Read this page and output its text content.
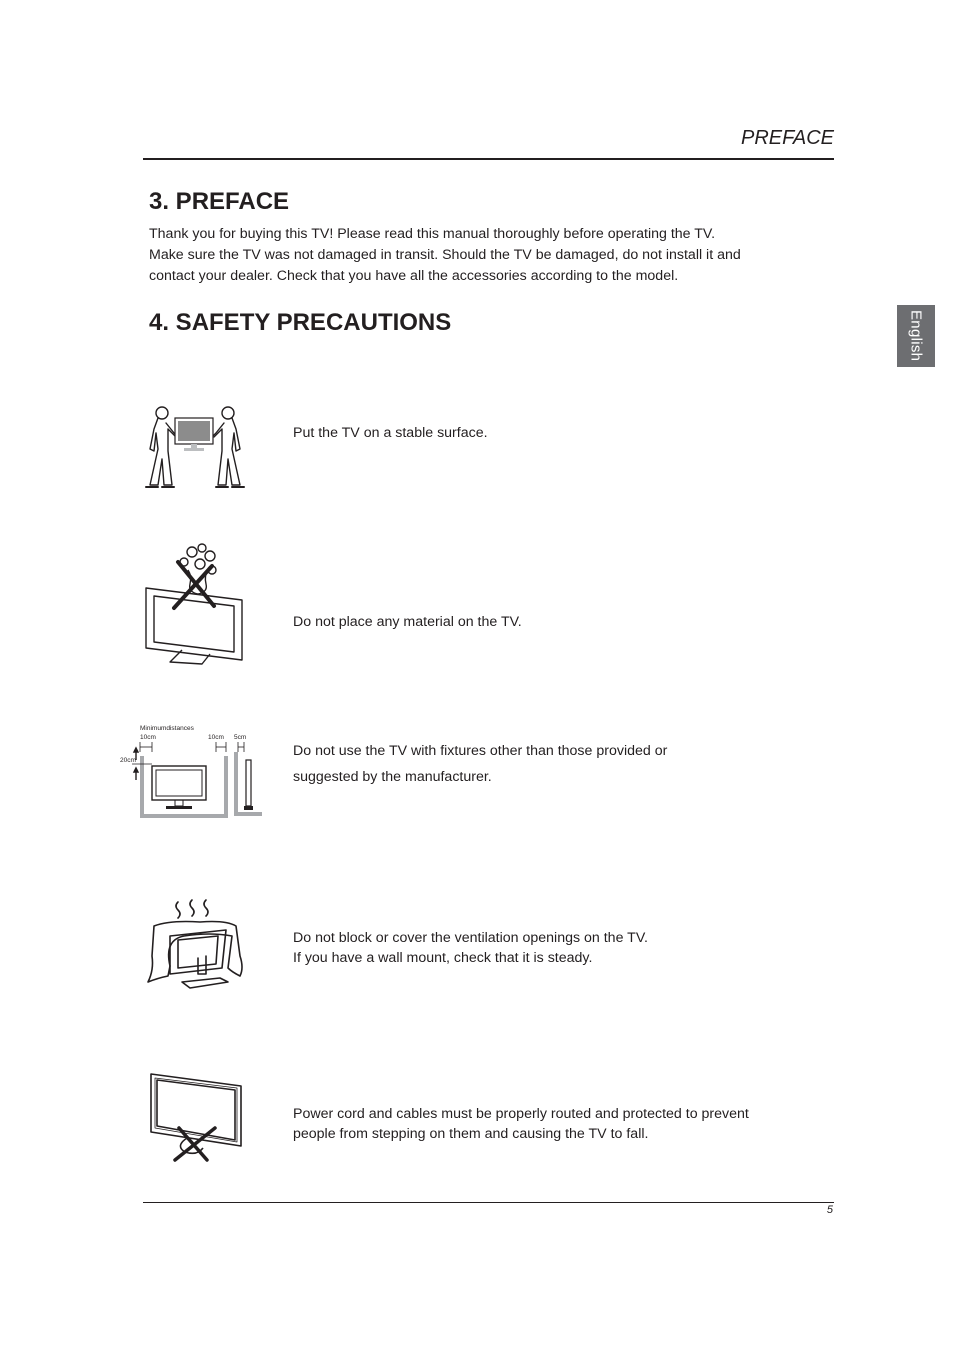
PREFACE
English
3. PREFACE

Thank you for buying this TV! Please read this manual thoroughly before operating the TV.

Make sure the TV was not damaged in transit. Should the TV be damaged, do not install it and

contact your dealer. Check that you have all the accessories according to the model.

4. SAFETY PRECAUTIONS

Put the TV on a stable surface.

Do not place any material on the TV.

Minimumdistances
10cm	10cm 5cm
20cm

Do not use the TV with fixtures other than those provided or

suggested by the manufacturer.

Do not block or cover the ventilation openings on the TV.

If you have a wall mount, check that it is steady.

Power cord and cables must be properly routed and protected to prevent

people from stepping on them and causing the TV to fall.

5
